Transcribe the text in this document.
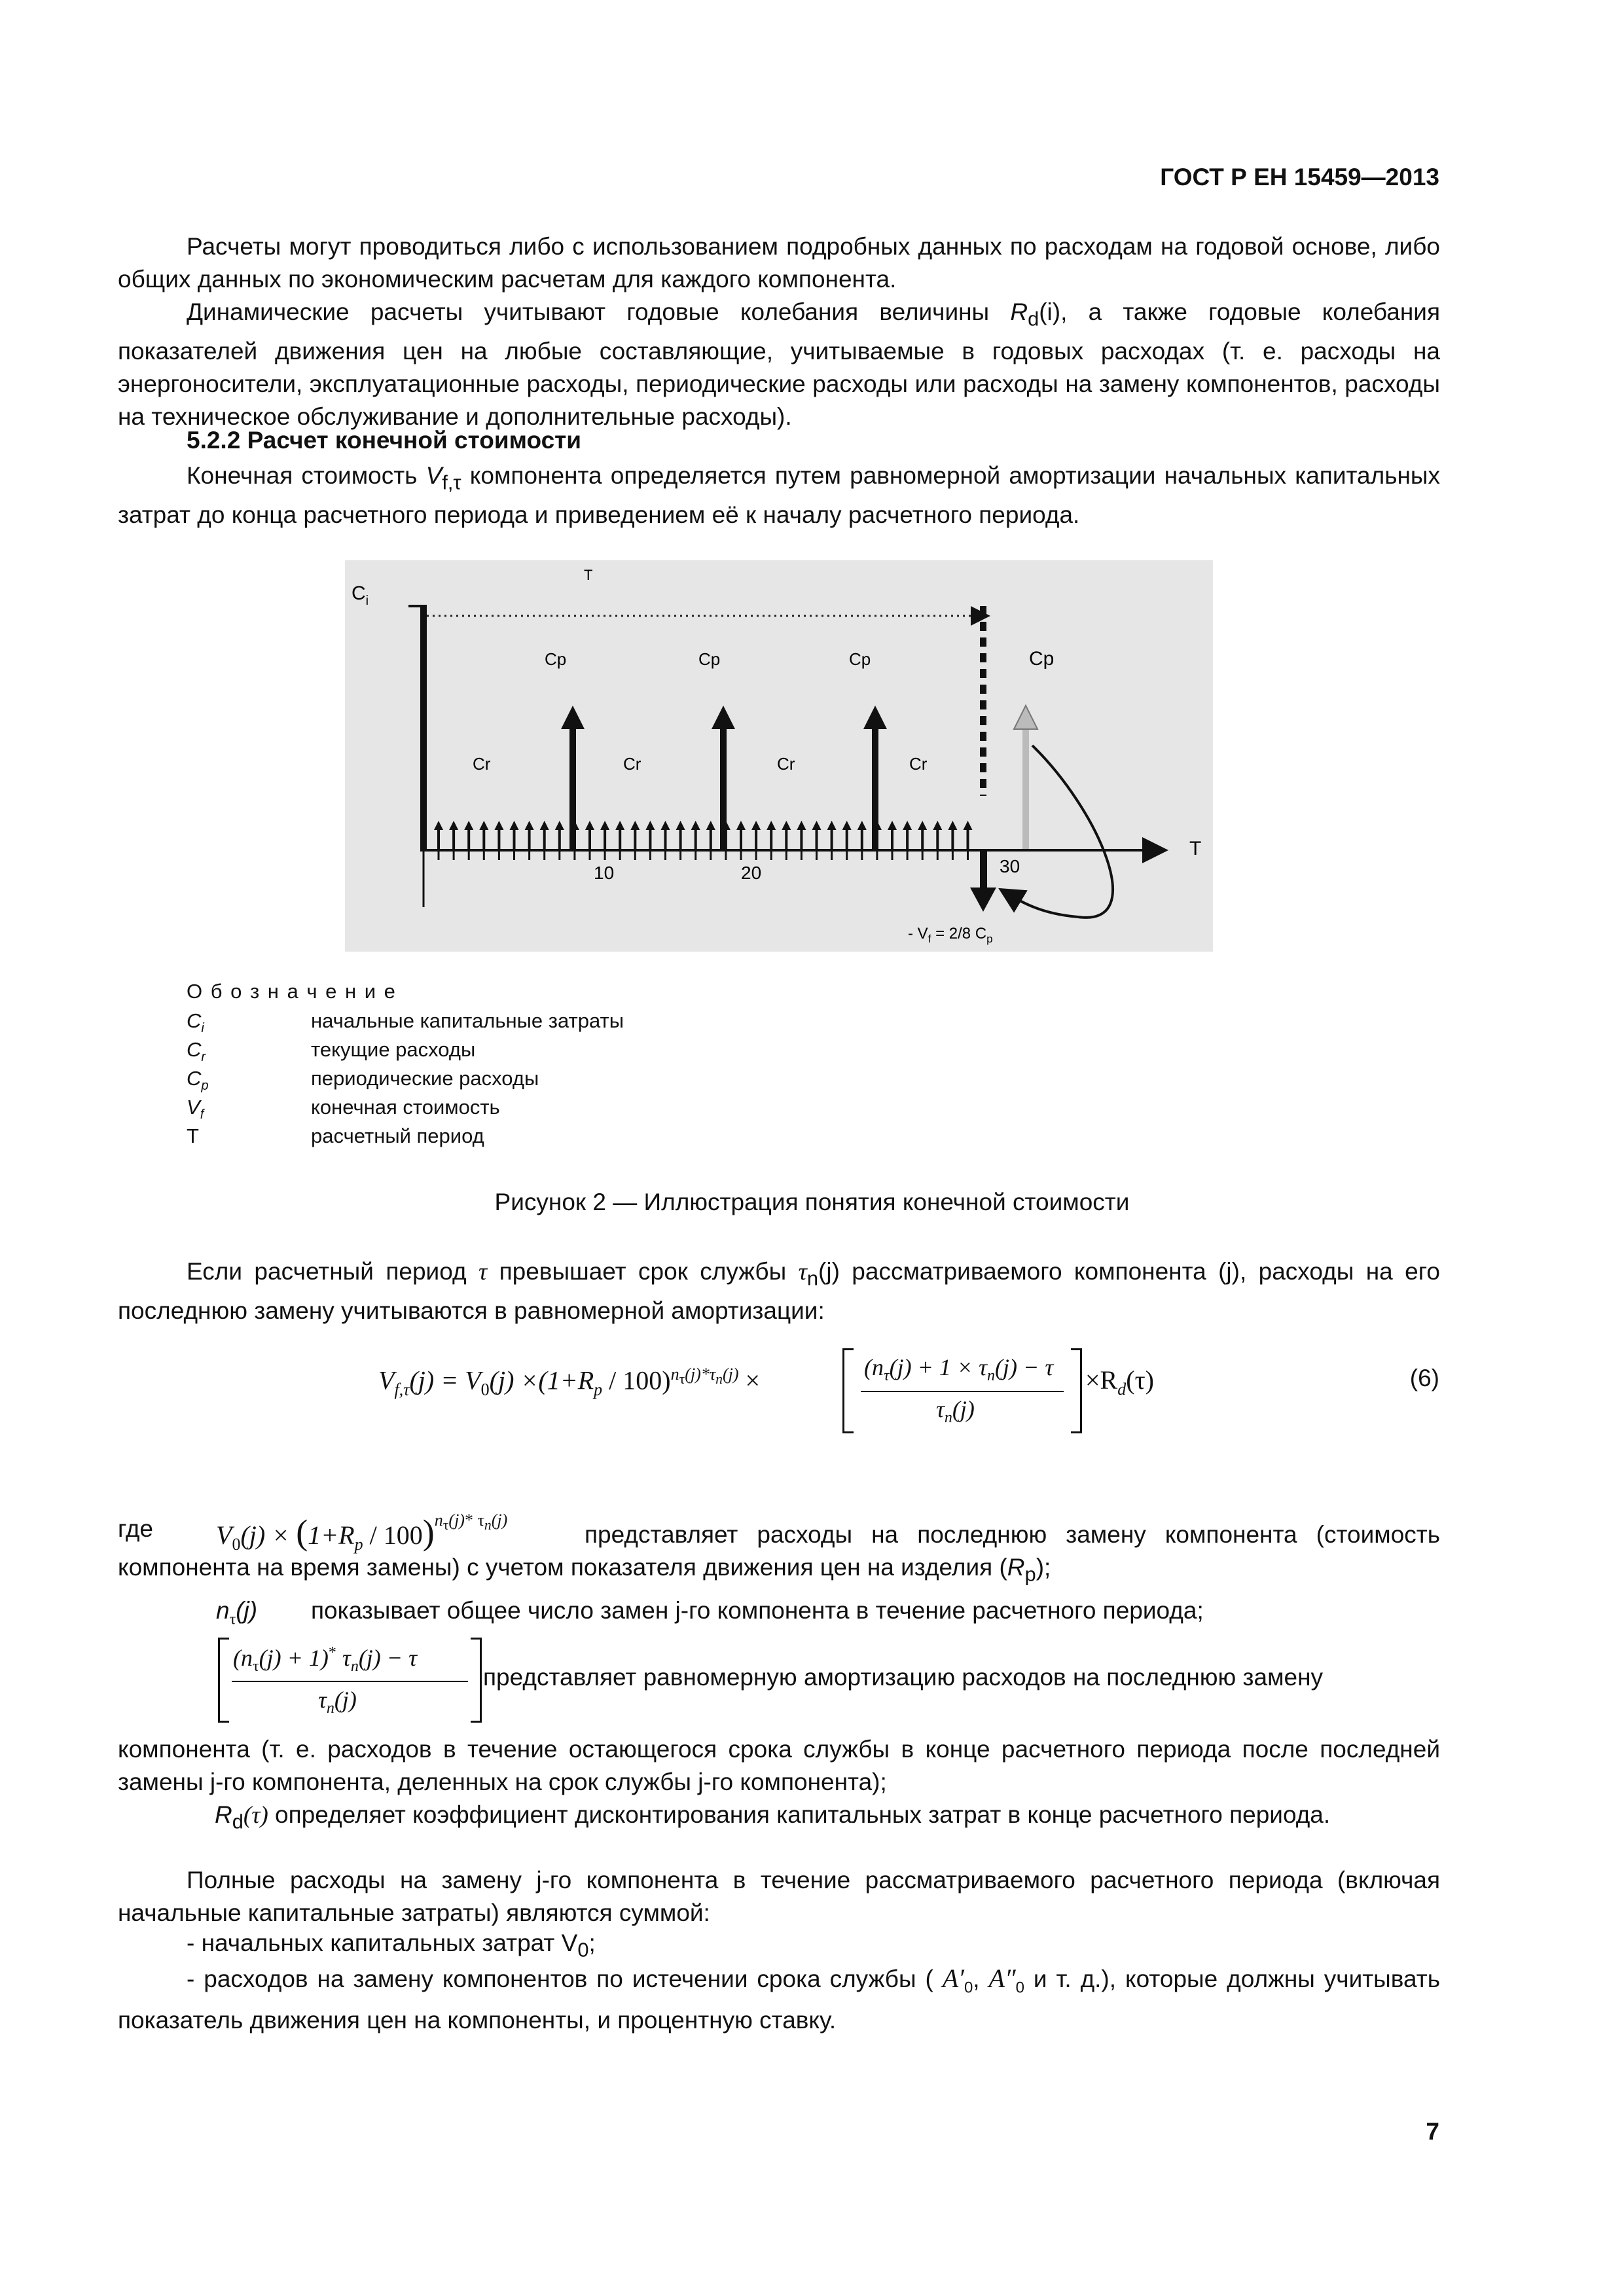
ГОСТ Р ЕН 15459—2013

Расчеты могут проводиться либо с использованием подробных данных по расходам на годовой основе, либо общих данных по экономическим расчетам для каждого компонента.

Динамические расчеты учитывают годовые колебания величины $R_d(i)$, а также годовые колебания показателей движения цен на любые составляющие, учитываемые в годовых расходах (т. е. расходы на энергоносители, эксплуатационные расходы, периодические расходы или расходы на замену компонентов, расходы на техническое обслуживание и дополнительные расходы).

5.2.2 Расчет конечной стоимости

Конечная стоимость $V_{f,\tau}$ компонента определяется путем равномерной амортизации начальных капитальных затрат до конца расчетного периода и приведением её к началу расчетного периода.

$C_i$
T
Cp	Cp	Cp	Cp
Cr	Cr	Cr	Cr
T
10	20	30
- $V_f = 2/8$ $C_p$
О б о з н а ч е н и е
$C_i$	начальные капитальные затраты
$C_r$	текущие расходы
$C_p$	периодические расходы
$V_f$	конечная стоимость
T	расчетный период
Рисунок 2 — Иллюстрация понятия конечной стоимости

Если расчетный период τ превышает срок службы $\tau_n(j)$ рассматриваемого компонента (j), расходы на его последнюю замену учитываются в равномерной амортизации:

$V_{f,\tau}(j) = V_0(j) \times(1+R_p / 100)^{n_\tau(j)*\tau_n(j)}$ ×	($n_\tau(j) + 1 \times \tau_n(j) - \tau$
$\tau_n(j)$
$\times R_d(\tau)$	(6)
где $V_0(j) \times (1+R_p / 100)^{n_\tau(j)* \tau_n(j)}$

представляет расходы на последнюю замену компонента (стоимость компонента на время замены) с учетом показателя движения цен на изделия $(R_p)$;

$n_\tau(j)$ показывает общее число замен j-го компонента в течение расчетного периода;
$(n_\tau(j) + 1)^*$ $\tau_n(j) - \tau$
$\tau_n(j)$
представляет равномерную амортизацию расходов на последнюю замену

компонента (т. е. расходов в течение остающегося срока службы в конце расчетного периода после последней замены j-го компонента, деленных на срок службы j-го компонента);

$R_d(\tau)$ определяет коэффициент дисконтирования капитальных затрат в конце расчетного периода.

Полные расходы на замену j-го компонента в течение рассматриваемого расчетного периода (включая начальные капитальные затраты) являются суммой:

- начальных капитальных затрат $V_0$;

- расходов на замену компонентов по истечении срока службы ( $A'_0$, $A''_0$ и т. д.), которые должны учитывать показатель движения цен на компоненты, и процентную ставку.

7
